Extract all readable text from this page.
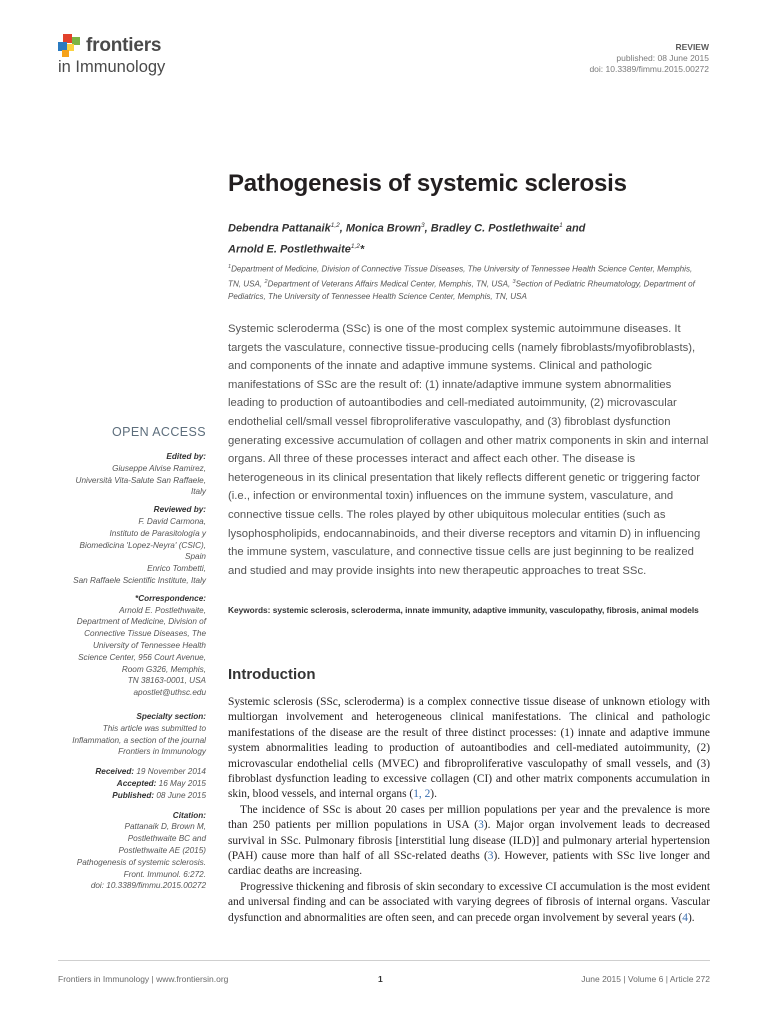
frontiers
in Immunology
REVIEW
published: 08 June 2015
doi: 10.3389/fimmu.2015.00272
Pathogenesis of systemic sclerosis
Debendra Pattanaik$^{1,2}$, Monica Brown$^3$, Bradley C. Postlethwaite$^1$ and
Arnold E. Postlethwaite$^{1,2}$*
$^1$Department of Medicine, Division of Connective Tissue Diseases, The University of Tennessee Health Science Center, Memphis, TN, USA, $^2$Department of Veterans Affairs Medical Center, Memphis, TN, USA, $^3$Section of Pediatric Rheumatology, Department of Pediatrics, The University of Tennessee Health Science Center, Memphis, TN, USA
Systemic scleroderma (SSc) is one of the most complex systemic autoimmune diseases. It targets the vasculature, connective tissue-producing cells (namely fibroblasts/myofibroblasts), and components of the innate and adaptive immune systems. Clinical and pathologic manifestations of SSc are the result of: (1) innate/adaptive immune system abnormalities leading to production of autoantibodies and cell-mediated autoimmunity, (2) microvascular endothelial cell/small vessel fibroproliferative vasculopathy, and (3) fibroblast dysfunction generating excessive accumulation of collagen and other matrix components in skin and internal organs. All three of these processes interact and affect each other. The disease is heterogeneous in its clinical presentation that likely reflects different genetic or triggering factor (i.e., infection or environmental toxin) influences on the immune system, vasculature, and connective tissue cells. The roles played by other ubiquitous molecular entities (such as lysophospholipids, endocannabinoids, and their diverse receptors and vitamin D) in influencing the immune system, vasculature, and connective tissue cells are just beginning to be realized and studied and may provide insights into new therapeutic approaches to treat SSc.
Keywords: systemic sclerosis, scleroderma, innate immunity, adaptive immunity, vasculopathy, fibrosis, animal models
OPEN ACCESS
Edited by:
Giuseppe Alvise Ramirez,
Università Vita-Salute San Raffaele,
Italy
Reviewed by:
F. David Carmona,
Instituto de Parasitología y
Biomedicina 'Lopez-Neyra' (CSIC),
Spain
Enrico Tombetti,
San Raffaele Scientific Institute, Italy
*Correspondence:
Arnold E. Postlethwaite,
Department of Medicine, Division of
Connective Tissue Diseases, The
University of Tennessee Health
Science Center, 956 Court Avenue,
Room G326, Memphis,
TN 38163-0001, USA
apostlet@uthsc.edu
Specialty section:
This article was submitted to
Inflammation, a section of the journal
Frontiers in Immunology
Received: 19 November 2014
Accepted: 16 May 2015
Published: 08 June 2015
Citation:
Pattanaik D, Brown M,
Postlethwaite BC and
Postlethwaite AE (2015)
Pathogenesis of systemic sclerosis.
Front. Immunol. 6:272.
doi: 10.3389/fimmu.2015.00272
Introduction

Systemic sclerosis (SSc, scleroderma) is a complex connective tissue disease of unknown etiology with multiorgan involvement and heterogeneous clinical manifestations. The clinical and pathologic manifestations of the disease are the result of three distinct processes: (1) innate and adaptive immune system abnormalities leading to production of autoantibodies and cell-mediated autoimmunity, (2) microvascular endothelial cells (MVEC) and fibroproliferative vasculopathy of small vessels, and (3) fibroblast dysfunction leading to excessive collagen (CI) and other matrix components accumulation in skin, blood vessels, and internal organs (1, 2).

The incidence of SSc is about 20 cases per million populations per year and the prevalence is more than 250 patients per million populations in USA (3). Major organ involvement leads to decreased survival in SSc. Pulmonary fibrosis [interstitial lung disease (ILD)] and pulmonary arterial hypertension (PAH) cause more than half of all SSc-related deaths (3). However, patients with SSc live longer and cardiac deaths are increasing.

Progressive thickening and fibrosis of skin secondary to excessive CI accumulation is the most evident and universal finding and can be associated with varying degrees of fibrosis of internal organs. Vascular dysfunction and abnormalities are often seen, and can precede organ involvement by several years (4).

Frontiers in Immunology | www.frontiersin.org	1	June 2015 | Volume 6 | Article 272
